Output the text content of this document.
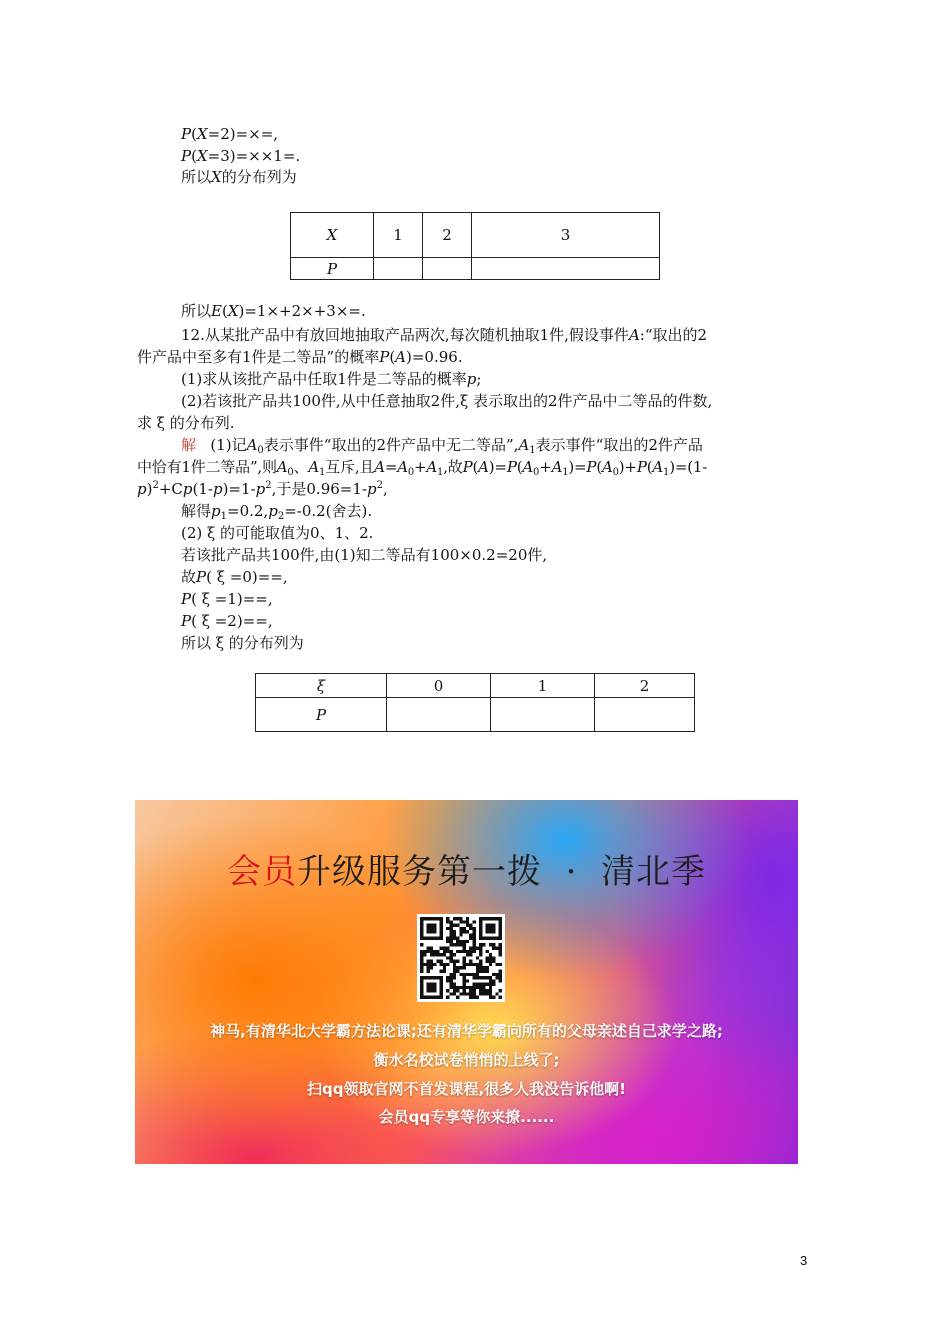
P(X=2)=×=,
P(X=3)=××1=.
所以X的分布列为
X	1	2	3
P			
所以E(X)=1×+2×+3×=.
12.从某批产品中有放回地抽取产品两次,每次随机抽取1件,假设事件A:“取出的2
件产品中至多有1件是二等品”的概率P(A)=0.96.
(1)求从该批产品中任取1件是二等品的概率p;
(2)若该批产品共100件,从中任意抽取2件,ξ 表示取出的2件产品中二等品的件数,
求 ξ 的分布列.
解   (1)记$A_0$表示事件“取出的2件产品中无二等品$”,A_1$表示事件“取出的2件产品
中恰有1件二等品”,则$A_0$、$A_1$互斥,且$A=A_0+A_1$,故$P(A)=P(A_0+A_1)=P(A_0)+P(A_1)=(1-$
$p)^2+Cp(1-p)=1-p^2$,于是$0.96=1-p^2$,
解得$p_1=0.2,p_2=-0.2$(舍去).
(2) ξ 的可能取值为0、1、2.
若该批产品共100件,由(1)知二等品有100×0.2=20件,
故P( ξ =0)==,
P( ξ =1)==,
P( ξ =2)==,
所以 ξ 的分布列为
ξ	0	1	2
P			
会员升级服务第一拨 · 清北季
神马,有清华北大学霸方法论课;还有清华学霸向所有的父母亲述自己求学之路;
衡水名校试卷悄悄的上线了;
扫qq领取官网不首发课程,很多人我没告诉他啊!
会员qq专享等你来撩......
3
